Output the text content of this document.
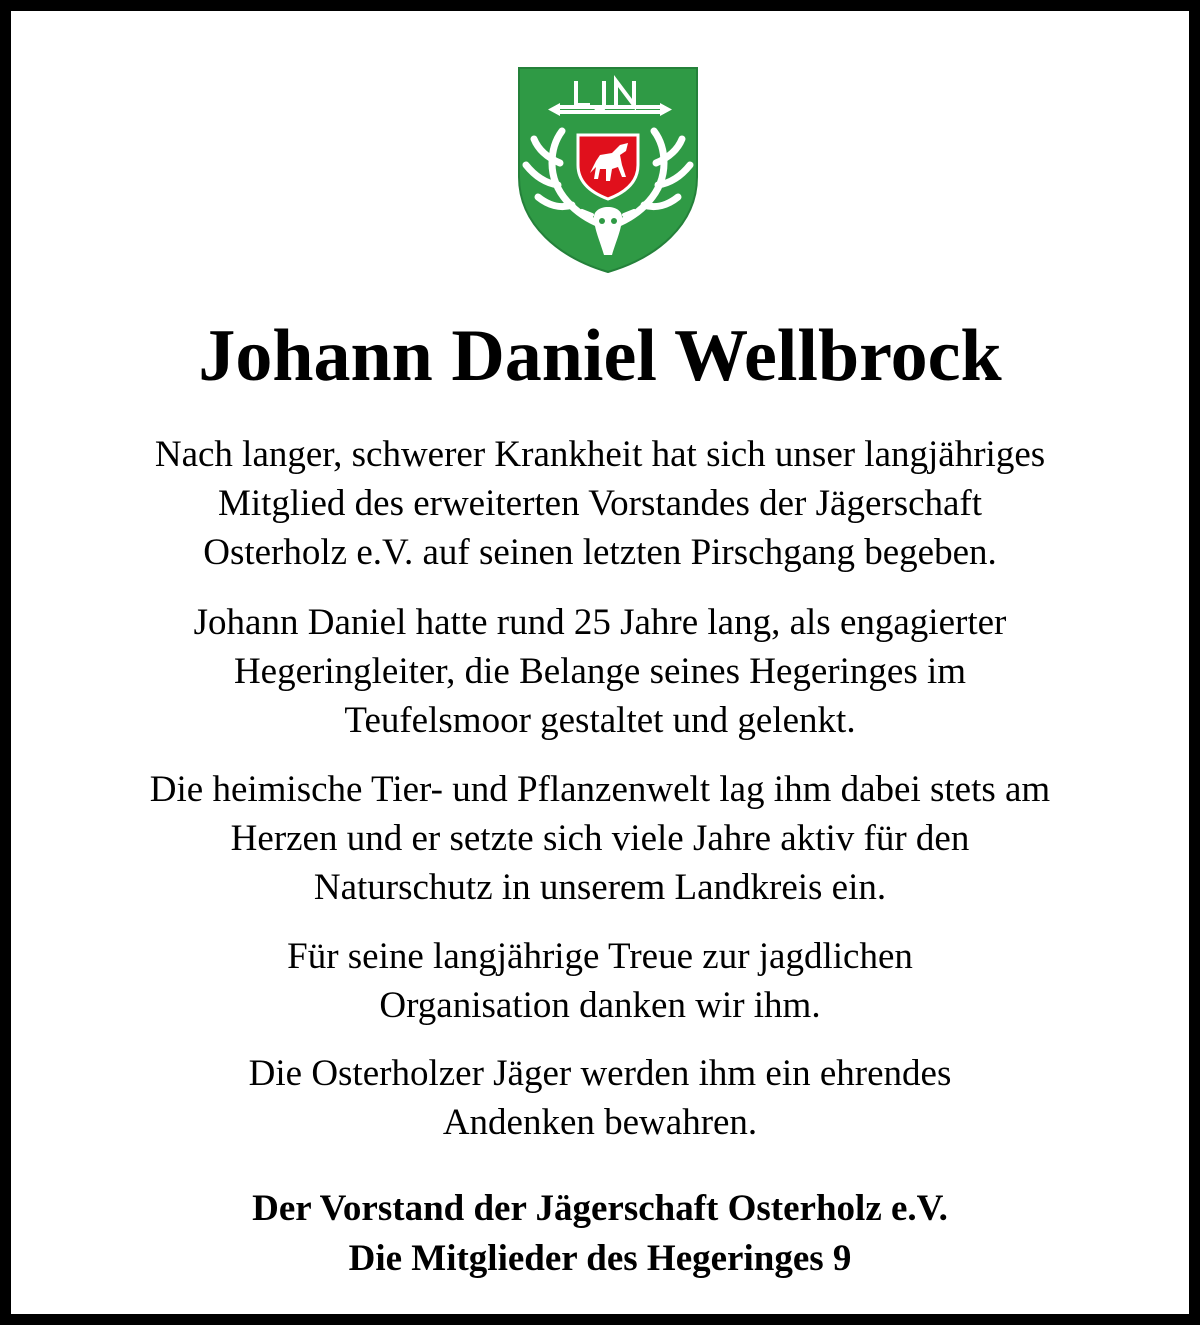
Johann Daniel Wellbrock
Nach langer, schwerer Krankheit hat sich unser langjähriges
Mitglied des erweiterten Vorstandes der Jägerschaft
Osterholz e.V. auf seinen letzten Pirschgang begeben.
Johann Daniel hatte rund 25 Jahre lang, als engagierter
Hegeringleiter, die Belange seines Hegeringes im
Teufelsmoor gestaltet und gelenkt.
Die heimische Tier- und Pflanzenwelt lag ihm dabei stets am
Herzen und er setzte sich viele Jahre aktiv für den
Naturschutz in unserem Landkreis ein.
Für seine langjährige Treue zur jagdlichen
Organisation danken wir ihm.
Die Osterholzer Jäger werden ihm ein ehrendes
Andenken bewahren.
Der Vorstand der Jägerschaft Osterholz e.V.
Die Mitglieder des Hegeringes 9
